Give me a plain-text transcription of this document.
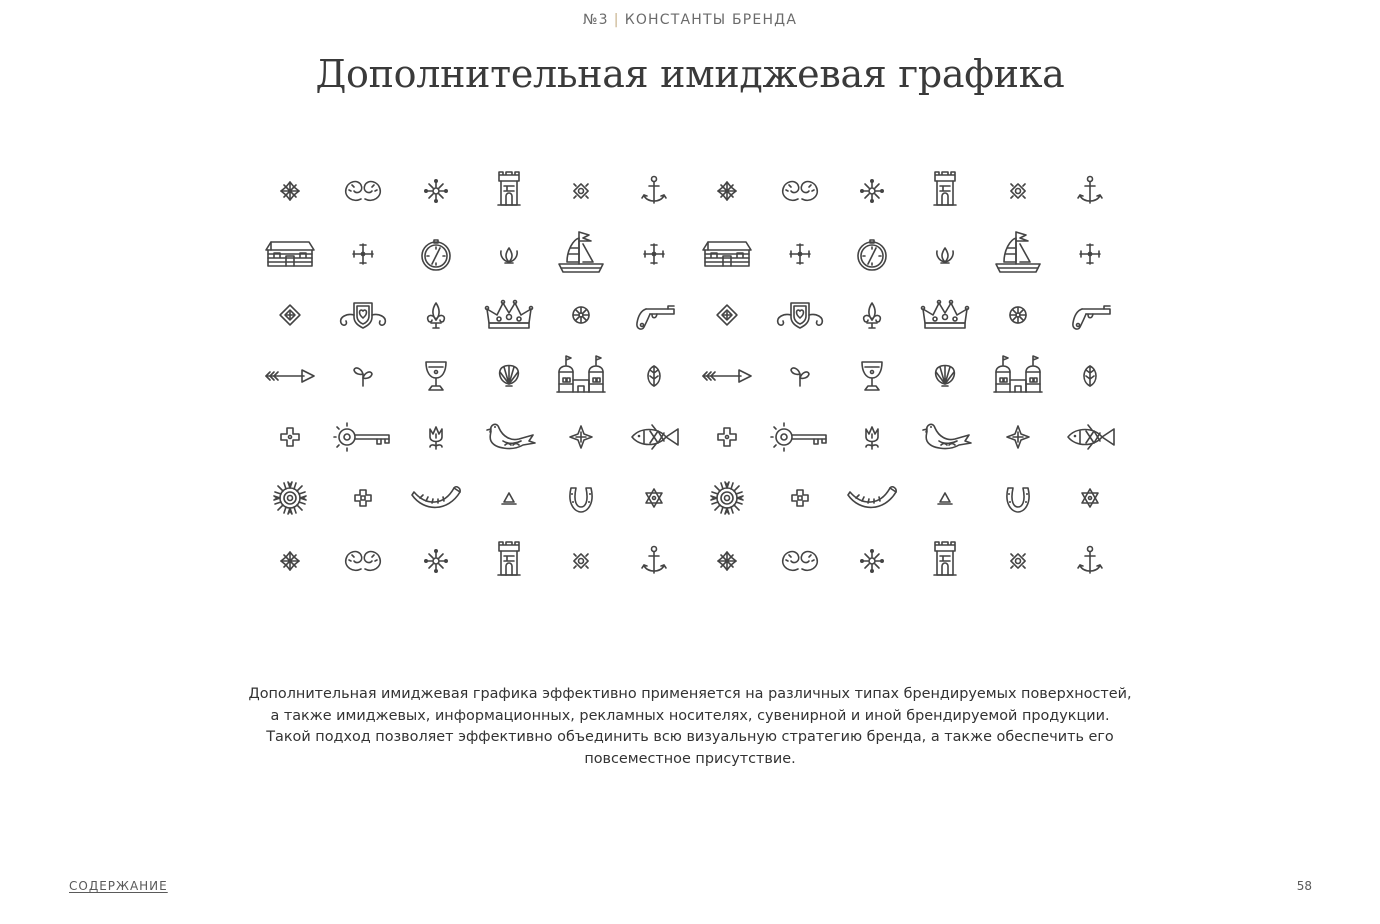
№3 | КОНСТАНТЫ БРЕНДА
Дополнительная имиджевая графика

Дополнительная имиджевая графика эффективно применяется на различных типах брендируемых поверхностей,

а также имиджевых, информационных, рекламных носителях, сувенирной и иной брендируемой продукции.

Такой подход позволяет эффективно объединить всю визуальную стратегию бренда, а также обеспечить его

повсеместное присутствие.

СОДЕРЖАНИЕ	58
